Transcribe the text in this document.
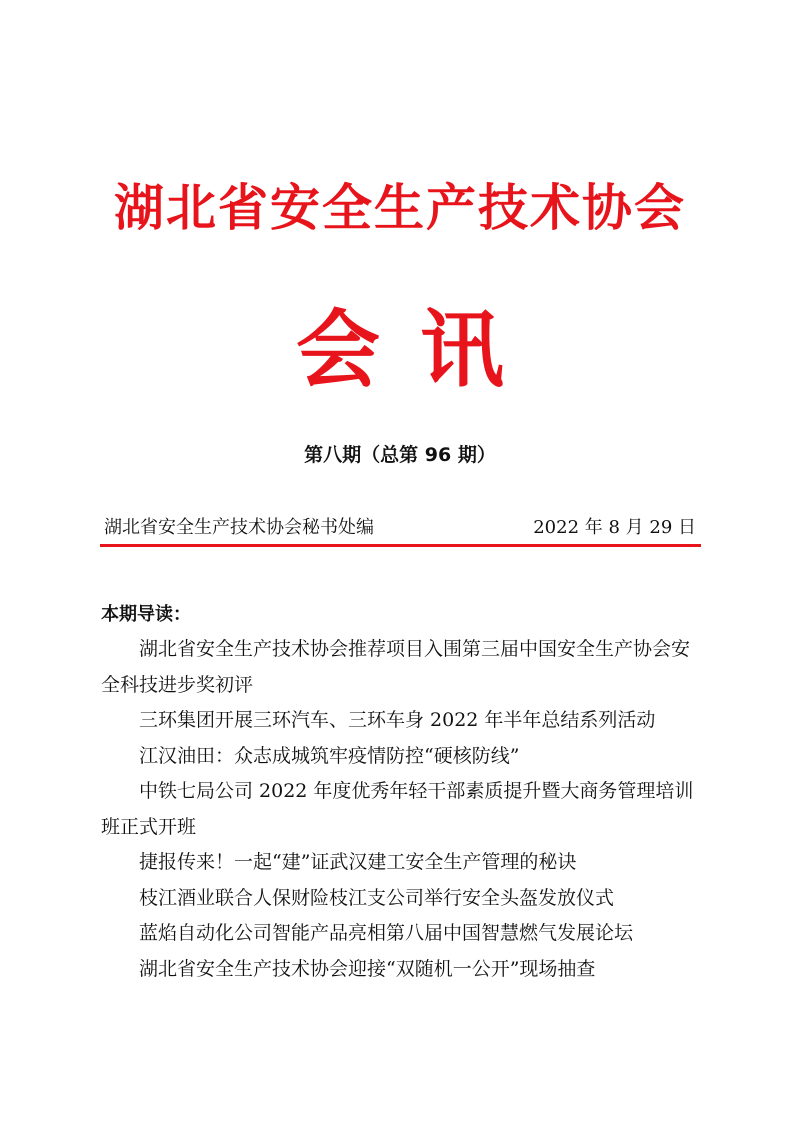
湖北省安全生产技术协会
会讯
第八期（总第 96 期）
湖北省安全生产技术协会秘书处编	2022 年 8 月 29 日
本期导读：
湖北省安全生产技术协会推荐项目入围第三届中国安全生产协会安全科技进步奖初评
三环集团开展三环汽车、三环车身 2022 年半年总结系列活动
江汉油田：众志成城筑牢疫情防控“硬核防线”
中铁七局公司 2022 年度优秀年轻干部素质提升暨大商务管理培训班正式开班
捷报传来！一起“建”证武汉建工安全生产管理的秘诀
枝江酒业联合人保财险枝江支公司举行安全头盔发放仪式
蓝焰自动化公司智能产品亮相第八届中国智慧燃气发展论坛
湖北省安全生产技术协会迎接“双随机一公开”现场抽查
